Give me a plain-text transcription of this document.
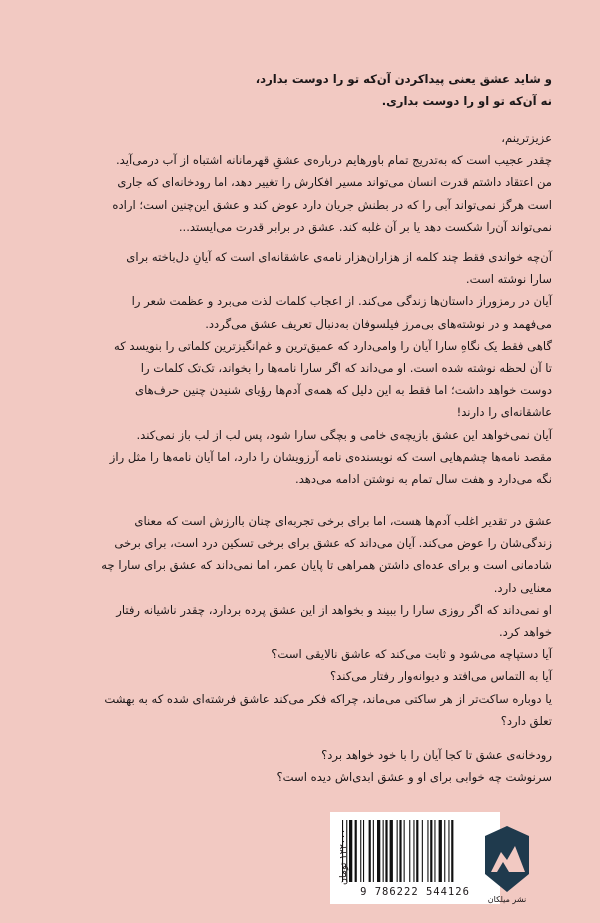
و شاید عشق یعنی پیداکردن آن‌که تو را دوست بدارد،
نه آن‌که تو او را دوست بداری.
عزیزترینم،
چقدر عجیب است که به‌تدریج تمام باورهایم درباره‌ی عشقِ قهرمانانه اشتباه از آب درمی‌آید.
من اعتقاد داشتم قدرت انسان می‌تواند مسیر افکارش را تغییر دهد، اما رودخانه‌ای که جاری
است هرگز نمی‌تواند آبی را که در بطنش جریان دارد عوض کند و عشق این‌چنین است؛ اراده
نمی‌تواند آن‌را شکست دهد یا بر آن غلبه کند. عشق در برابر قدرت می‌ایستد...
آن‌چه خواندی فقط چند کلمه از هزاران‌هزار نامه‌ی عاشقانه‌ای است که آیانِ دل‌باخته برای
سارا نوشته است.
آیان در رمزوراز داستان‌ها زندگی می‌کند. از اعجاب کلمات لذت می‌برد و عظمت شعر را
می‌فهمد و در نوشته‌های بی‌مرز فیلسوفان به‌دنبال تعریف عشق می‌گردد.
گاهی فقط یک نگاهِ سارا آیان را وامی‌دارد که عمیق‌ترین و غم‌انگیزترین کلماتی را بنویسد که
تا آن لحظه نوشته شده است. او می‌داند که اگر سارا نامه‌ها را بخواند، تک‌تک کلمات را
دوست خواهد داشت؛ اما فقط به این دلیل که همه‌ی آدم‌ها رؤیای شنیدن چنین حرف‌های
عاشقانه‌ای را دارند!
آیان نمی‌خواهد این عشق بازیچه‌ی خامی و بچگی سارا شود، پس لب از لب باز نمی‌کند.
مقصد نامه‌ها چشم‌هایی است که نویسنده‌ی نامه آرزویشان را دارد، اما آیان نامه‌ها را مثل راز
نگه می‌دارد و هفت سال تمام به نوشتن ادامه می‌دهد.
عشق در تقدیر اغلب آدم‌ها هست، اما برای برخی تجربه‌ای چنان باارزش است که معنای
زندگی‌شان را عوض می‌کند. آیان می‌داند که عشق برای برخی تسکین درد است، برای برخی
شادمانی است و برای عده‌ای داشتن همراهی تا پایان عمر، اما نمی‌داند که عشق برای سارا چه
معنایی دارد.
او نمی‌داند که اگر روزی سارا را ببیند و بخواهد از این عشق پرده بردارد، چقدر ناشیانه رفتار
خواهد کرد.
آیا دستپاچه می‌شود و ثابت می‌کند که عاشق نالایقی است؟
آیا به التماس می‌افتد و دیوانه‌وار رفتار می‌کند؟
یا دوباره ساکت‌تر از هر ساکتی می‌ماند، چراکه فکر می‌کند عاشق فرشته‌ای شده که به بهشت
تعلق دارد؟
رودخانه‌ی عشق تا کجا آیان را با خود خواهد برد؟
سرنوشت چه خوابی برای او و عشق ابدی‌اش دیده است؟
9 786222 544126
۱۲۲۰۰۰ تومان
نشر میلکان
